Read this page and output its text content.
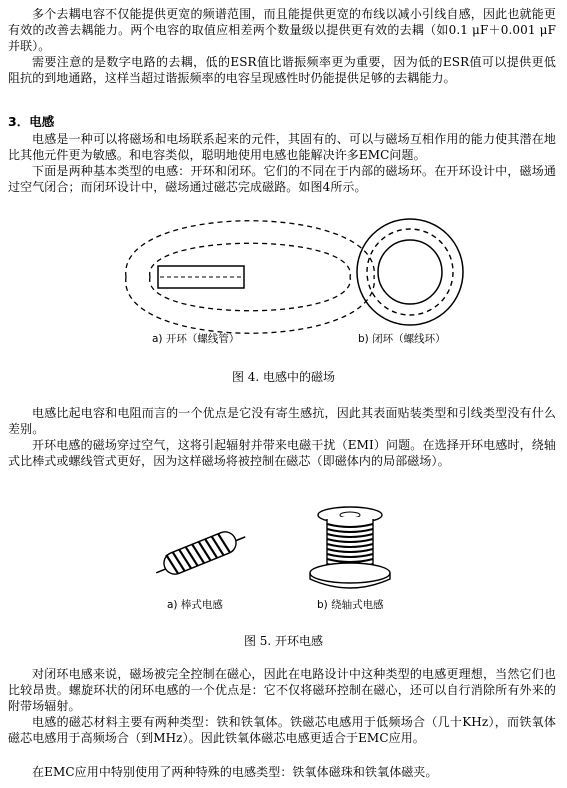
多个去耦电容不仅能提供更宽的频谱范围，而且能提供更宽的布线以减小引线自感，因此也就能更有效的改善去耦能力。两个电容的取值应相差两个数量级以提供更有效的去耦（如0.1 μF＋0.001 μF并联）。

需要注意的是数字电路的去耦，低的ESR值比谐振频率更为重要，因为低的ESR值可以提供更低阻抗的到地通路，这样当超过谐振频率的电容呈现感性时仍能提供足够的去耦能力。

3．电感

电感是一种可以将磁场和电场联系起来的元件，其固有的、可以与磁场互相作用的能力使其潜在地比其他元件更为敏感。和电容类似，聪明地使用电感也能解决许多EMC问题。

下面是两种基本类型的电感：开环和闭环。它们的不同在于内部的磁场环。在开环设计中，磁场通过空气闭合；而闭环设计中，磁场通过磁芯完成磁路。如图4所示。

a) 开环（螺线管）	b) 闭环（螺线环）
图 4. 电感中的磁场

电感比起电容和电阻而言的一个优点是它没有寄生感抗，因此其表面贴装类型和引线类型没有什么差别。

开环电感的磁场穿过空气，这将引起辐射并带来电磁干扰（EMI）问题。在选择开环电感时，绕轴式比棒式或螺线管式更好，因为这样磁场将被控制在磁芯（即磁体内的局部磁场）。

a) 棒式电感	b) 绕轴式电感
图 5. 开环电感

对闭环电感来说，磁场被完全控制在磁心，因此在电路设计中这种类型的电感更理想，当然它们也比较昂贵。螺旋环状的闭环电感的一个优点是：它不仅将磁环控制在磁心，还可以自行消除所有外来的附带场辐射。

电感的磁芯材料主要有两种类型：铁和铁氧体。铁磁芯电感用于低频场合（几十KHz），而铁氧体磁芯电感用于高频场合（到MHz）。因此铁氧体磁芯电感更适合于EMC应用。

在EMC应用中特别使用了两种特殊的电感类型：铁氧体磁珠和铁氧体磁夹。
